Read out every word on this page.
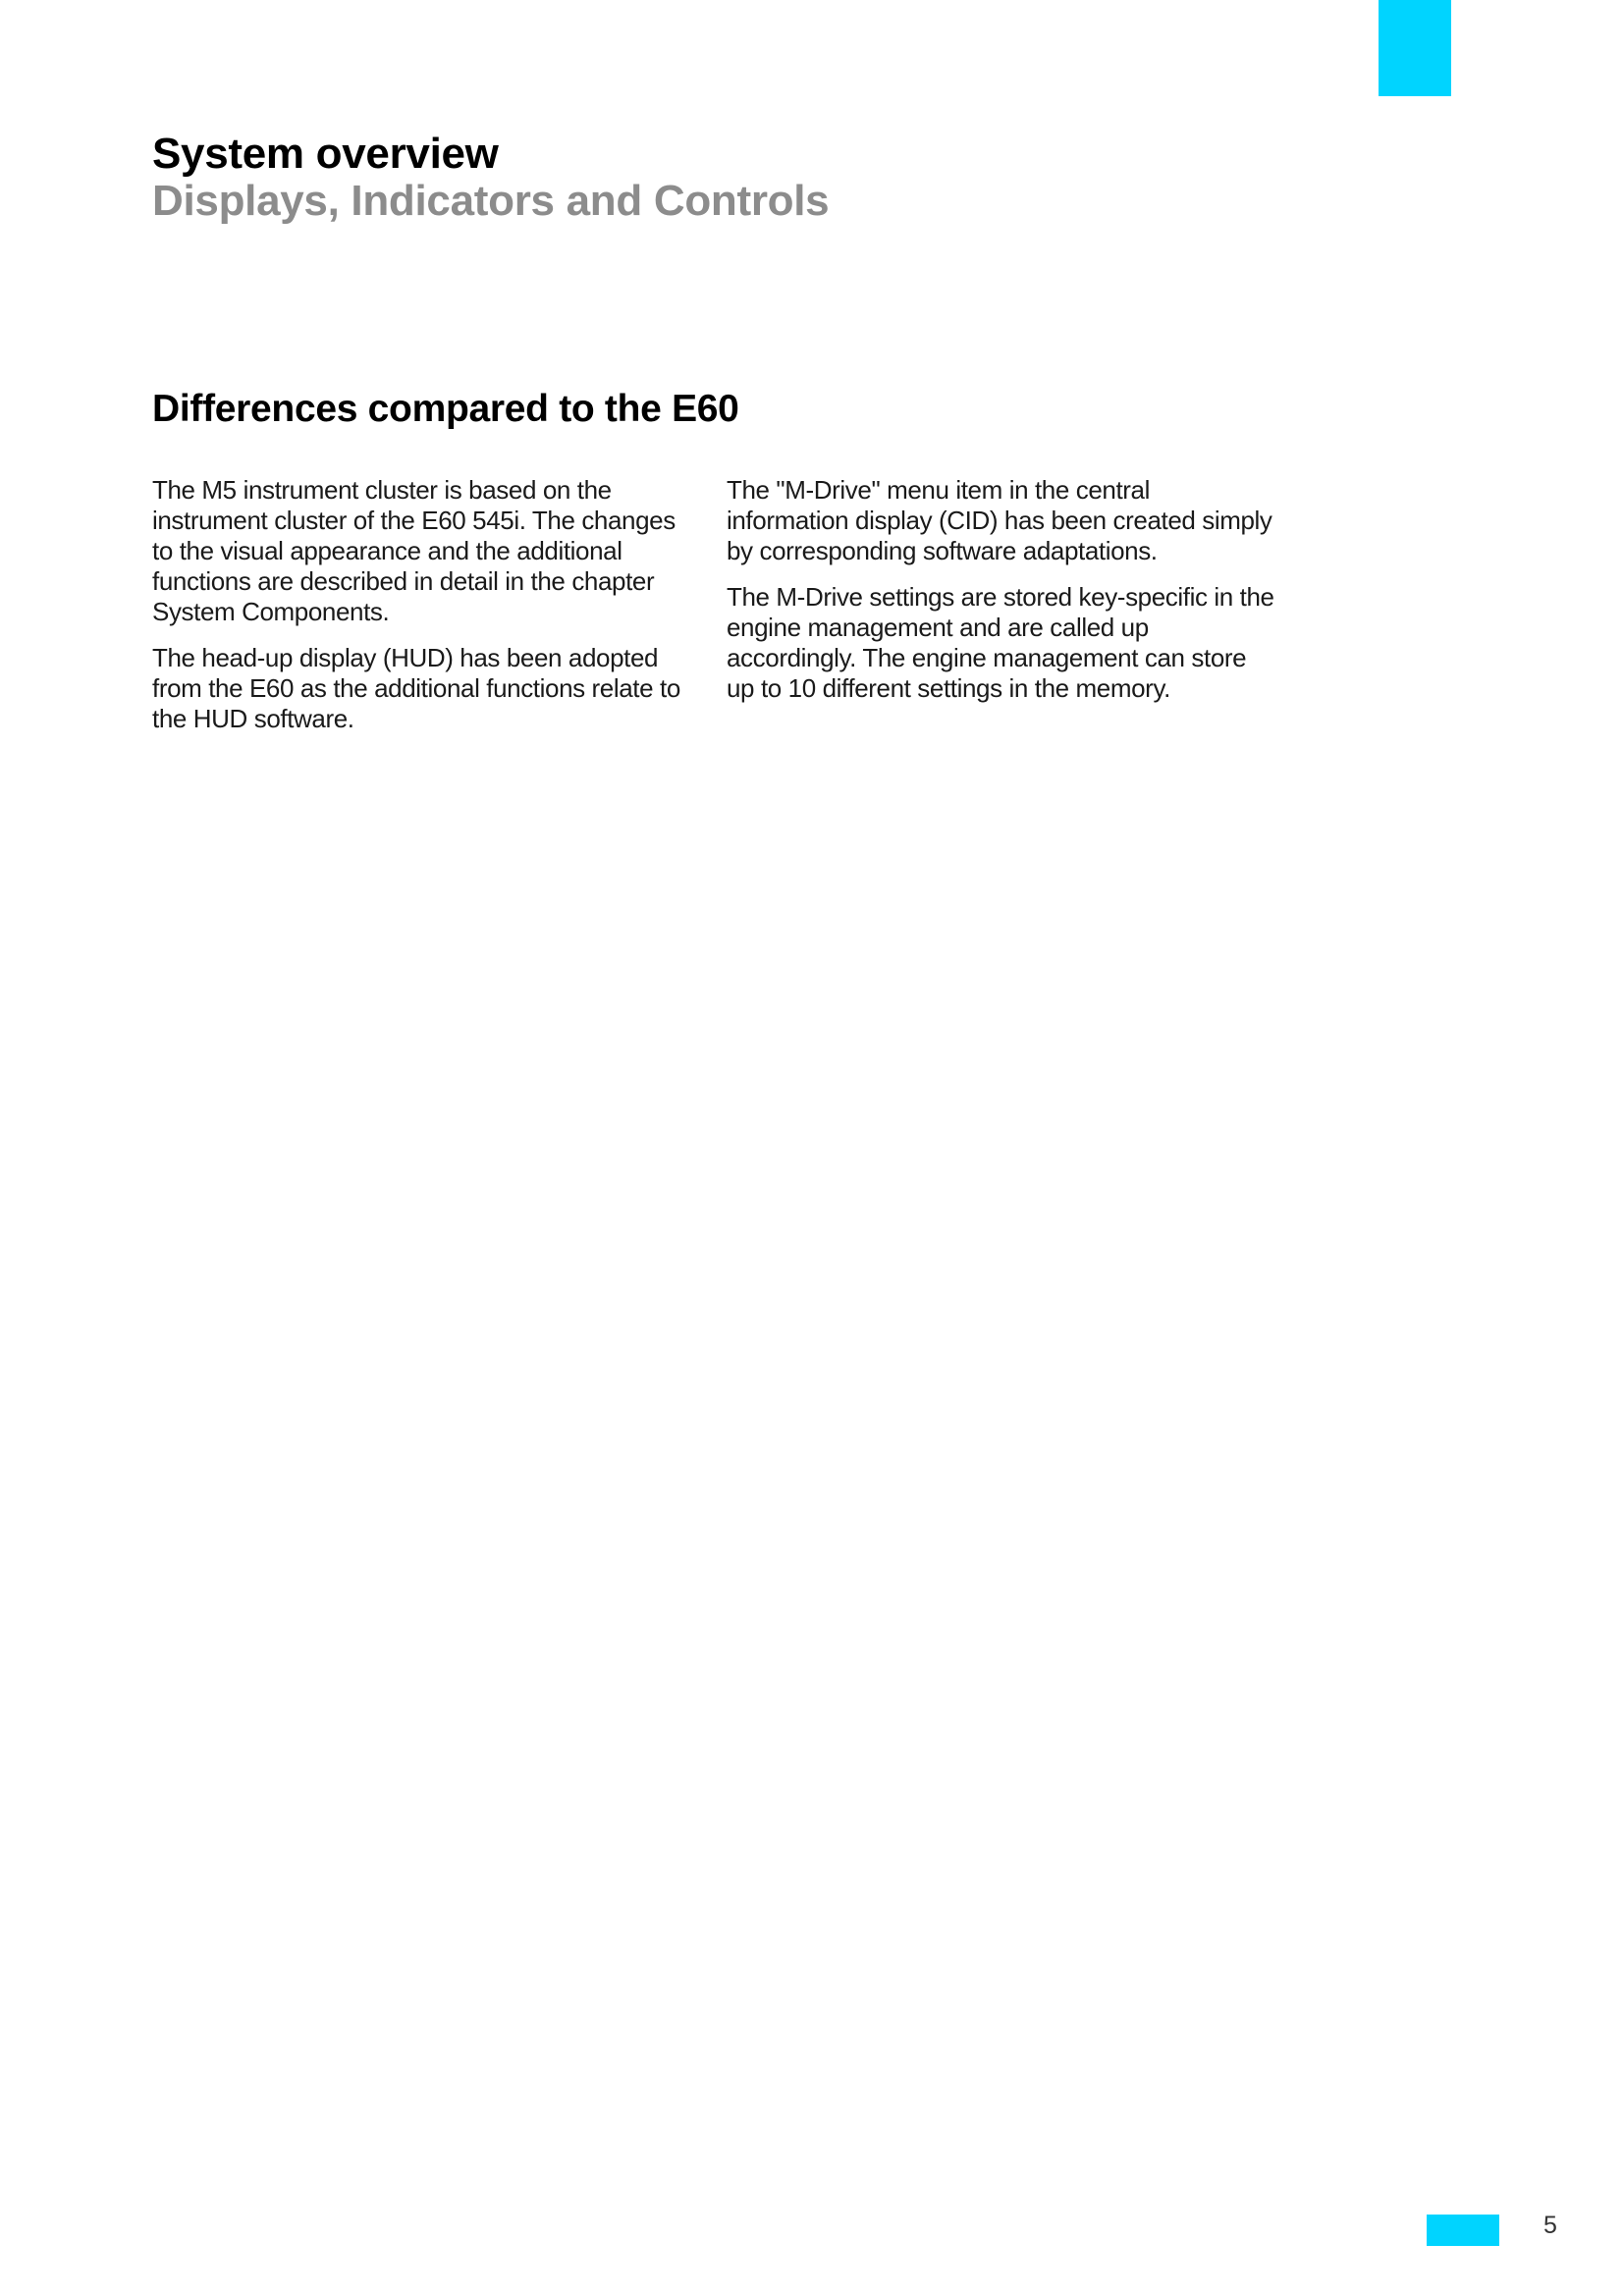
System overview
Displays, Indicators and Controls
Differences compared to the E60

The M5 instrument cluster is based on the instrument cluster of the E60 545i. The changes to the visual appearance and the additional functions are described in detail in the chapter System Components.

The head-up display (HUD) has been adopted from the E60 as the additional functions relate to the HUD software.

The "M-Drive" menu item in the central information display (CID) has been created simply by corresponding software adaptations.

The M-Drive settings are stored key-specific in the engine management and are called up accordingly. The engine management can store up to 10 different settings in the memory.

5
